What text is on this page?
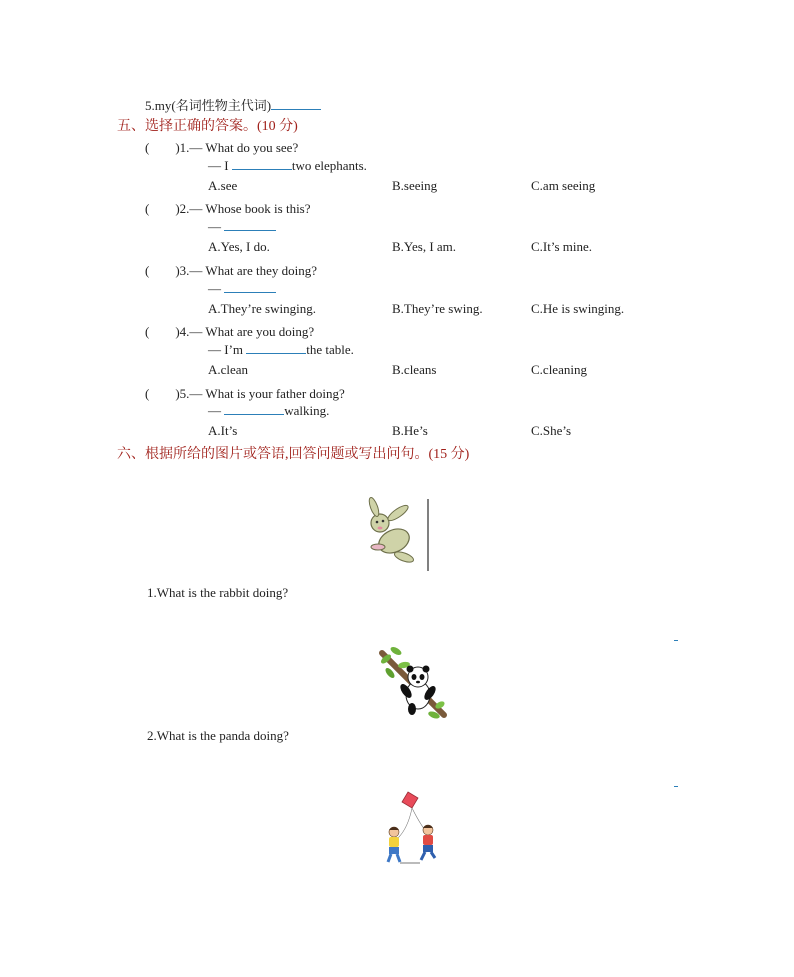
5.my(名词性物主代词)
五、选择正确的答案。(10 分)
(　　)1.— What do you see?
— I	two elephants.
A.see	B.seeing	C.am seeing
(　　)2.— Whose book is this?
—
A.Yes, I do.	B.Yes, I am.	C.It’s mine.
(　　)3.— What are they doing?
—
A.They’re swinging.	B.They’re swing.	C.He is swinging.
(　　)4.— What are you doing?
— I’m	the table.
A.clean	B.cleans	C.cleaning
(　　)5.— What is your father doing?
—	walking.
A.It’s	B.He’s	C.She’s
六、根据所给的图片或答语,回答问题或写出问句。(15 分)
1.What is the rabbit doing?
2.What is the panda doing?
